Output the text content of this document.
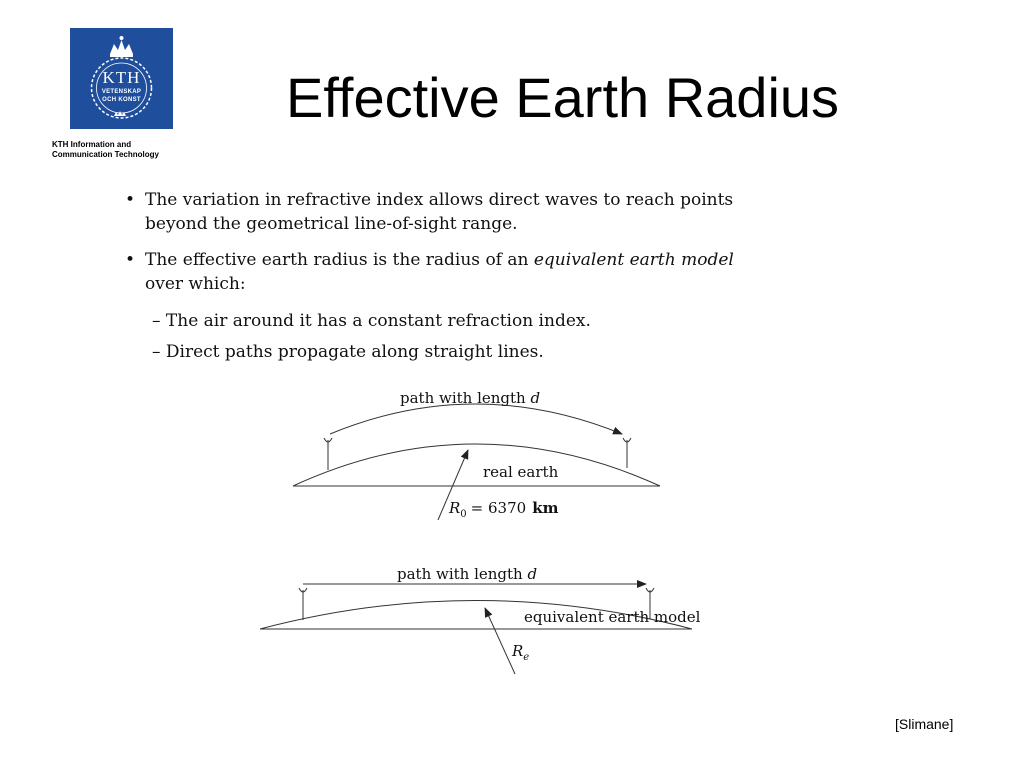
KTH
VETENSKAP
OCH KONST
KTH Information and
Communication Technology
Effective Earth Radius
• The variation in refractive index allows direct waves to reach points
beyond the geometrical line-of-sight range.
• The effective earth radius is the radius of an equivalent earth model
over which:
– The air around it has a constant refraction index.
– Direct paths propagate along straight lines.
path with length d
real earth
$R_0 = 6370$ km
path with length d
equivalent earth model
$R_e$
[Slimane]
